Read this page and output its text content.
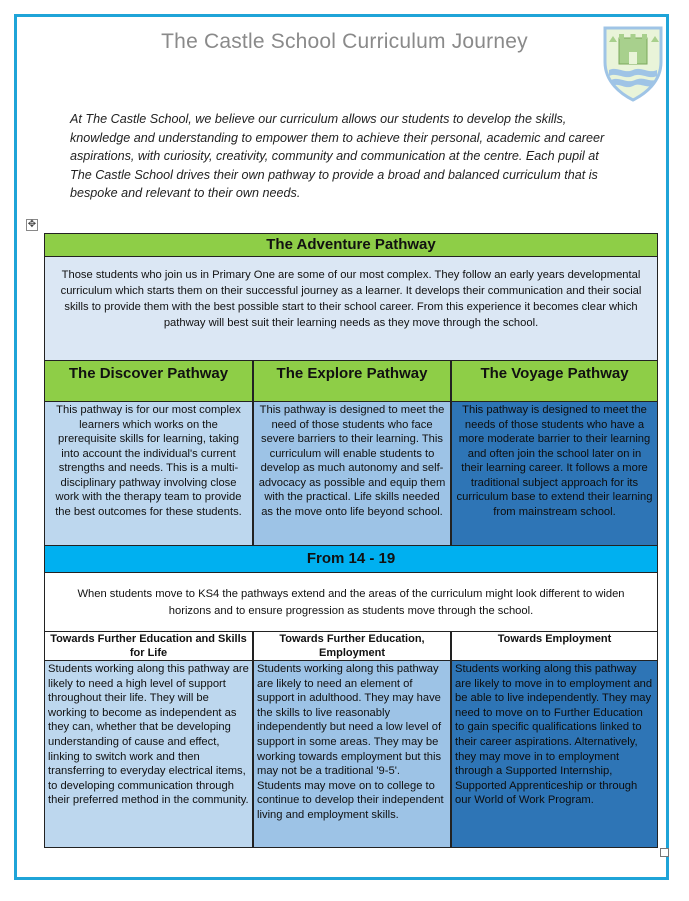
The Castle School Curriculum Journey
At The Castle School, we believe our curriculum allows our students to develop the skills, knowledge and understanding to empower them to achieve their personal, academic and career aspirations, with curiosity, creativity, community and communication at the centre. Each pupil at The Castle School drives their own pathway to provide a broad and balanced curriculum that is bespoke and relevant to their own needs.
✥
The Adventure Pathway
Those students who join us in Primary One are some of our most complex. They follow an early years developmental curriculum which starts them on their successful journey as a learner. It develops their communication and their social skills to provide them with the best possible start to their school career. From this experience it becomes clear which pathway will best suit their learning needs as they move through the school.
The Discover Pathway	The Explore Pathway	The Voyage Pathway
This pathway is for our most complex learners which works on the prerequisite skills for learning, taking into account the individual's current strengths and needs. This is a multi-disciplinary pathway involving close work with the therapy team to provide the best outcomes for these students.
This pathway is designed to meet the need of those students who face severe barriers to their learning. This curriculum will enable students to develop as much autonomy and self-advocacy as possible and equip them with the practical. Life skills needed as the move onto life beyond school.
This pathway is designed to meet the needs of those students who have a more moderate barrier to their learning and often join the school later on in their learning career. It follows a more traditional subject approach for its curriculum base to extend their learning from mainstream school.
From 14 - 19
When students move to KS4 the pathways extend and the areas of the curriculum might look different to widen horizons and to ensure progression as students move through the school.
Towards Further Education and Skills for Life
Towards Further Education, Employment
Towards Employment
Students working along this pathway are likely to need a high level of support throughout their life. They will be working to become as independent as they can, whether that be developing understanding of cause and effect, linking to switch work and then transferring to everyday electrical items, to developing communication through their preferred method in the community.
Students working along this pathway are likely to need an element of support in adulthood. They may have the skills to live reasonably independently but need a low level of support in some areas. They may be working towards employment but this may not be a traditional '9-5'. Students may move on to college to continue to develop their independent living and employment skills.
Students working along this pathway are likely to move in to employment and be able to live independently. They may need to move on to Further Education to gain specific qualifications linked to their career aspirations. Alternatively, they may move in to employment through a Supported Internship, Supported Apprenticeship or through our World of Work Program.
